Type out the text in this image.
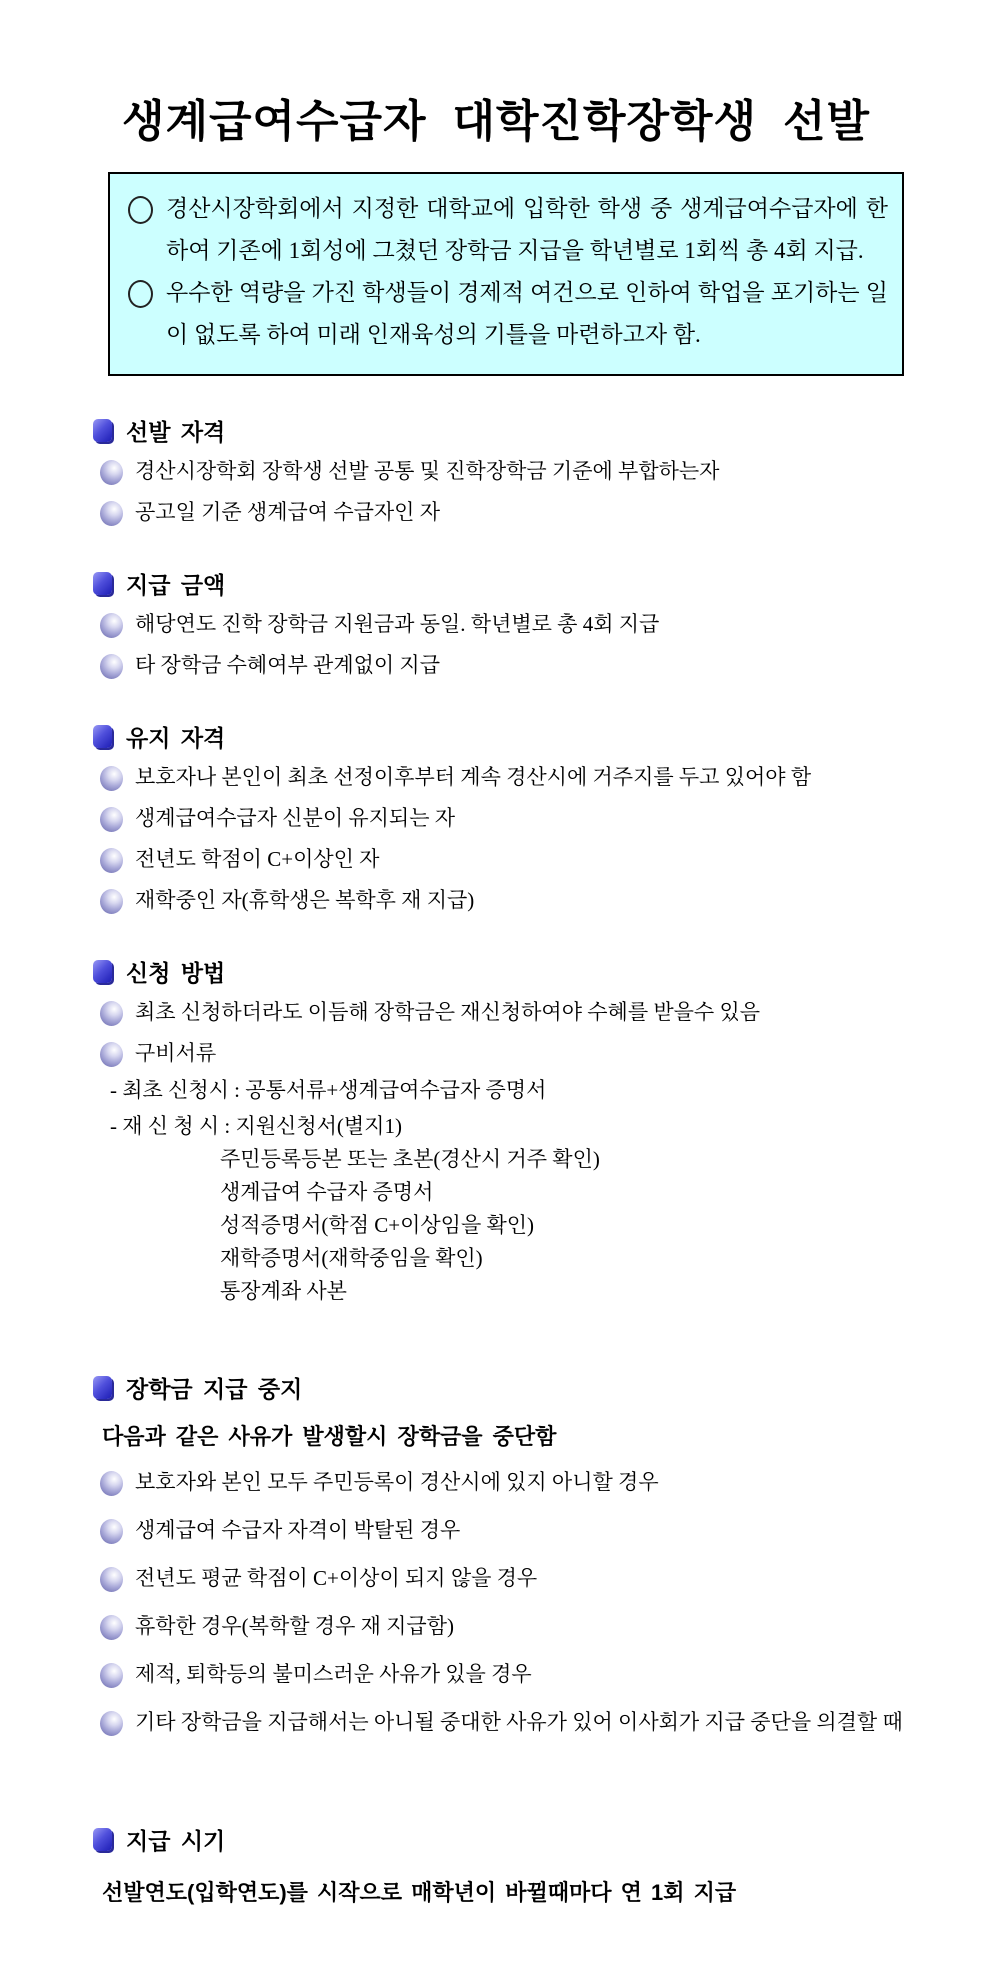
생계급여수급자 대학진학장학생 선발
경산시장학회에서 지정한 대학교에 입학한 학생 중 생계급여수급자에 한하여 기존에 1회성에 그쳤던 장학금 지급을 학년별로 1회씩 총 4회 지급.
우수한 역량을 가진 학생들이 경제적 여건으로 인하여 학업을 포기하는 일이 없도록 하여 미래 인재육성의 기틀을 마련하고자 함.
선발 자격
경산시장학회 장학생 선발 공통 및 진학장학금 기준에 부합하는자
공고일 기준 생계급여 수급자인 자
지급 금액
해당연도 진학 장학금 지원금과 동일. 학년별로 총 4회 지급
타 장학금 수혜여부 관계없이 지급
유지 자격
보호자나 본인이 최초 선정이후부터 계속 경산시에 거주지를 두고 있어야 함
생계급여수급자 신분이 유지되는 자
전년도 학점이 C+이상인 자
재학중인 자(휴학생은 복학후 재 지급)
신청 방법
최초 신청하더라도 이듬해 장학금은 재신청하여야 수혜를 받을수 있음
구비서류
- 최초 신청시 : 공통서류+생계급여수급자 증명서
- 재 신 청 시 : 지원신청서(별지1)
주민등록등본 또는 초본(경산시 거주 확인)
생계급여 수급자 증명서
성적증명서(학점 C+이상임을 확인)
재학증명서(재학중임을 확인)
통장계좌 사본
장학금 지급 중지
다음과 같은 사유가 발생할시 장학금을 중단함
보호자와 본인 모두 주민등록이 경산시에 있지 아니할 경우
생계급여 수급자 자격이 박탈된 경우
전년도 평균 학점이 C+이상이 되지 않을 경우
휴학한 경우(복학할 경우 재 지급함)
제적, 퇴학등의 불미스러운 사유가 있을 경우
기타 장학금을 지급해서는 아니될 중대한 사유가 있어 이사회가 지급 중단을 의결할 때
지급 시기
선발연도(입학연도)를 시작으로 매학년이 바뀔때마다 연 1회 지급
